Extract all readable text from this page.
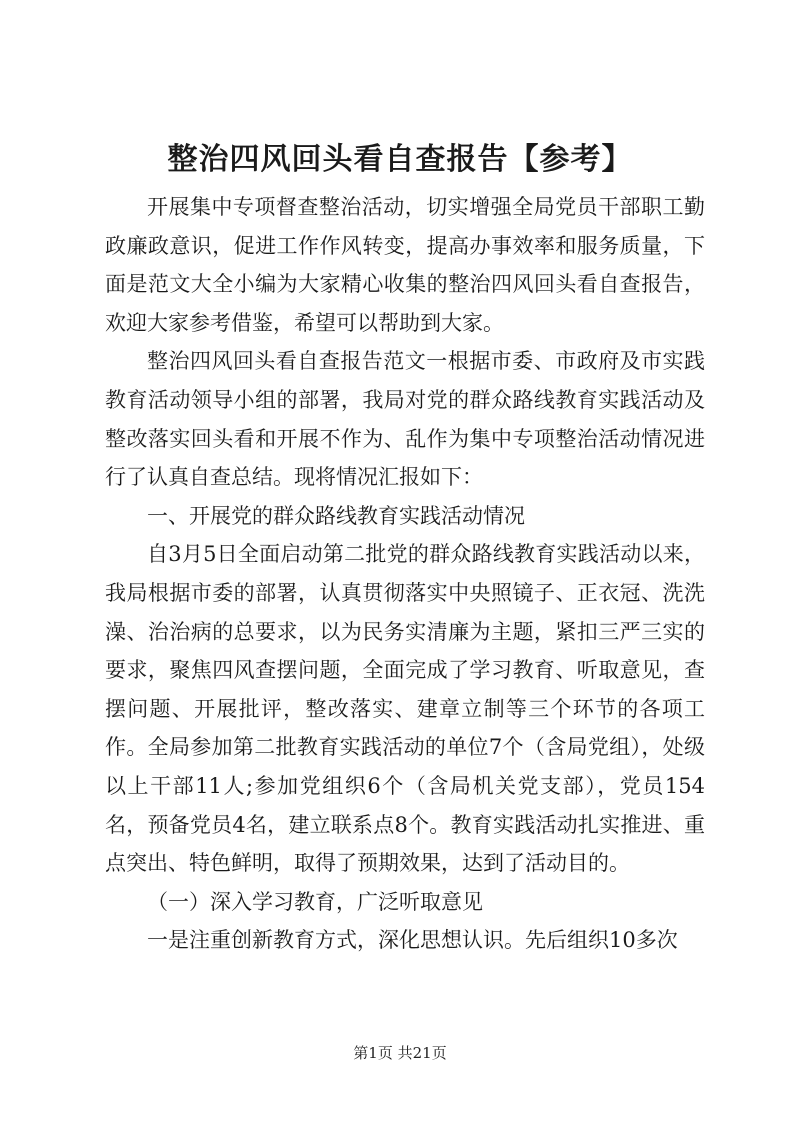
整治四风回头看自查报告【参考】

开展集中专项督查整治活动，切实增强全局党员干部职工勤政廉政意识，促进工作作风转变，提高办事效率和服务质量，下面是范文大全小编为大家精心收集的整治四风回头看自查报告，欢迎大家参考借鉴，希望可以帮助到大家。

整治四风回头看自查报告范文一根据市委、市政府及市实践教育活动领导小组的部署，我局对党的群众路线教育实践活动及整改落实回头看和开展不作为、乱作为集中专项整治活动情况进行了认真自查总结。现将情况汇报如下：

一、开展党的群众路线教育实践活动情况

自3月5日全面启动第二批党的群众路线教育实践活动以来，我局根据市委的部署，认真贯彻落实中央照镜子、正衣冠、洗洗澡、治治病的总要求，以为民务实清廉为主题，紧扣三严三实的要求，聚焦四风查摆问题，全面完成了学习教育、听取意见，查摆问题、开展批评，整改落实、建章立制等三个环节的各项工作。全局参加第二批教育实践活动的单位7个（含局党组），处级以上干部11人;参加党组织6个（含局机关党支部），党员154名，预备党员4名，建立联系点8个。教育实践活动扎实推进、重点突出、特色鲜明，取得了预期效果，达到了活动目的。

（一）深入学习教育，广泛听取意见

一是注重创新教育方式，深化思想认识。先后组织10多次

第1页 共21页
